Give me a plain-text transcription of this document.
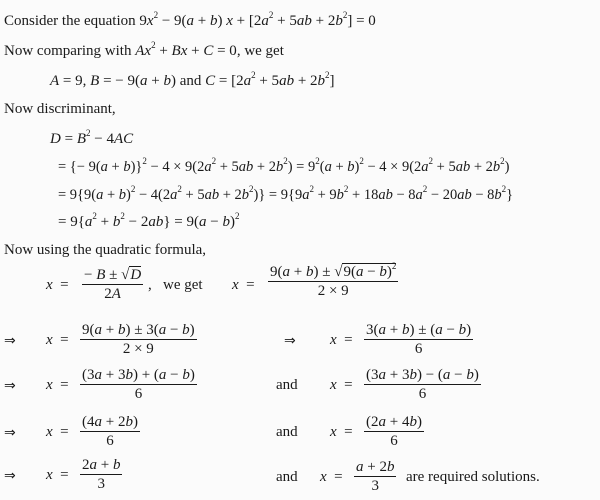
Consider the equation $9x^2 - 9(a + b) x + [2a^2 + 5ab + 2b^2] = 0$
Now comparing with $Ax^2 + Bx + C = 0$, we get
A = 9, B = − 9(a + b) and $C = [2a^2 + 5ab + 2b^2]$
Now discriminant,
$D = B^2 - 4AC$
= {− $9(a + b)\}^2 - 4 \times 9(2a^2 + 5ab + 2b^2) = 9^2(a + b)^2 - 4 \times 9(2a^2 + 5ab + 2b^2)$
= $9\{9(a + b)^2 - 4(2a^2 + 5ab + 2b^2)\} = 9\{9a^2 + 9b^2 + 18ab - 8a^2 - 20ab - 8b^2\}$
= $9\{a^2 + b^2 - 2ab\} = 9(a - b)^2$
Now using the quadratic formula,
x  =
− B ± √D
2A
,   we get x  =
$9(a + b) \pm √9(a - b)^2$
2 × 9
⇒ x  =
9(a + b) ± 3(a − b)
2 × 9	⇒ x  =
3(a + b) ± (a − b)
6
⇒ x  =
(3a + 3b) + (a − b)
6
and x  =
(3a + 3b) − (a − b)
6
⇒ x  =
(4a + 2b)
6
and x  =
(2a + 4b)
6
⇒ x  =
2a + b
3	and x  =
a + 2b
3
are required solutions.
